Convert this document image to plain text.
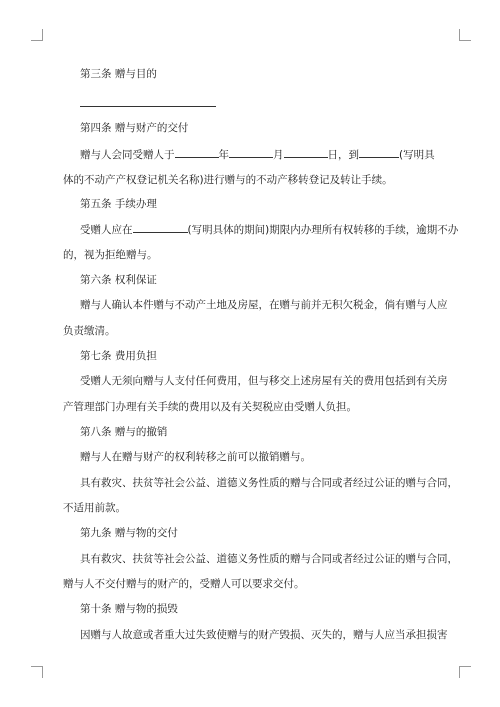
第三条 赠与目的
第四条 赠与财产的交付
赠与人会同受赠人于	年	月	日，到	(写明具
体的不动产产权登记机关名称)进行赠与的不动产移转登记及转让手续。
第五条 手续办理
受赠人应在	(写明具体的期间)期限内办理所有权转移的手续，逾期不办
的，视为拒绝赠与。
第六条 权利保证
赠与人确认本件赠与不动产土地及房屋，在赠与前并无积欠税金，倘有赠与人应
负责缴清。
第七条 费用负担
受赠人无须向赠与人支付任何费用，但与移交上述房屋有关的费用包括到有关房
产管理部门办理有关手续的费用以及有关契税应由受赠人负担。
第八条 赠与的撤销
赠与人在赠与财产的权利转移之前可以撤销赠与。
具有救灾、扶贫等社会公益、道德义务性质的赠与合同或者经过公证的赠与合同，
不适用前款。
第九条 赠与物的交付
具有救灾、扶贫等社会公益、道德义务性质的赠与合同或者经过公证的赠与合同，
赠与人不交付赠与的财产的，受赠人可以要求交付。
第十条 赠与物的损毁
因赠与人故意或者重大过失致使赠与的财产毁损、灭失的，赠与人应当承担损害
